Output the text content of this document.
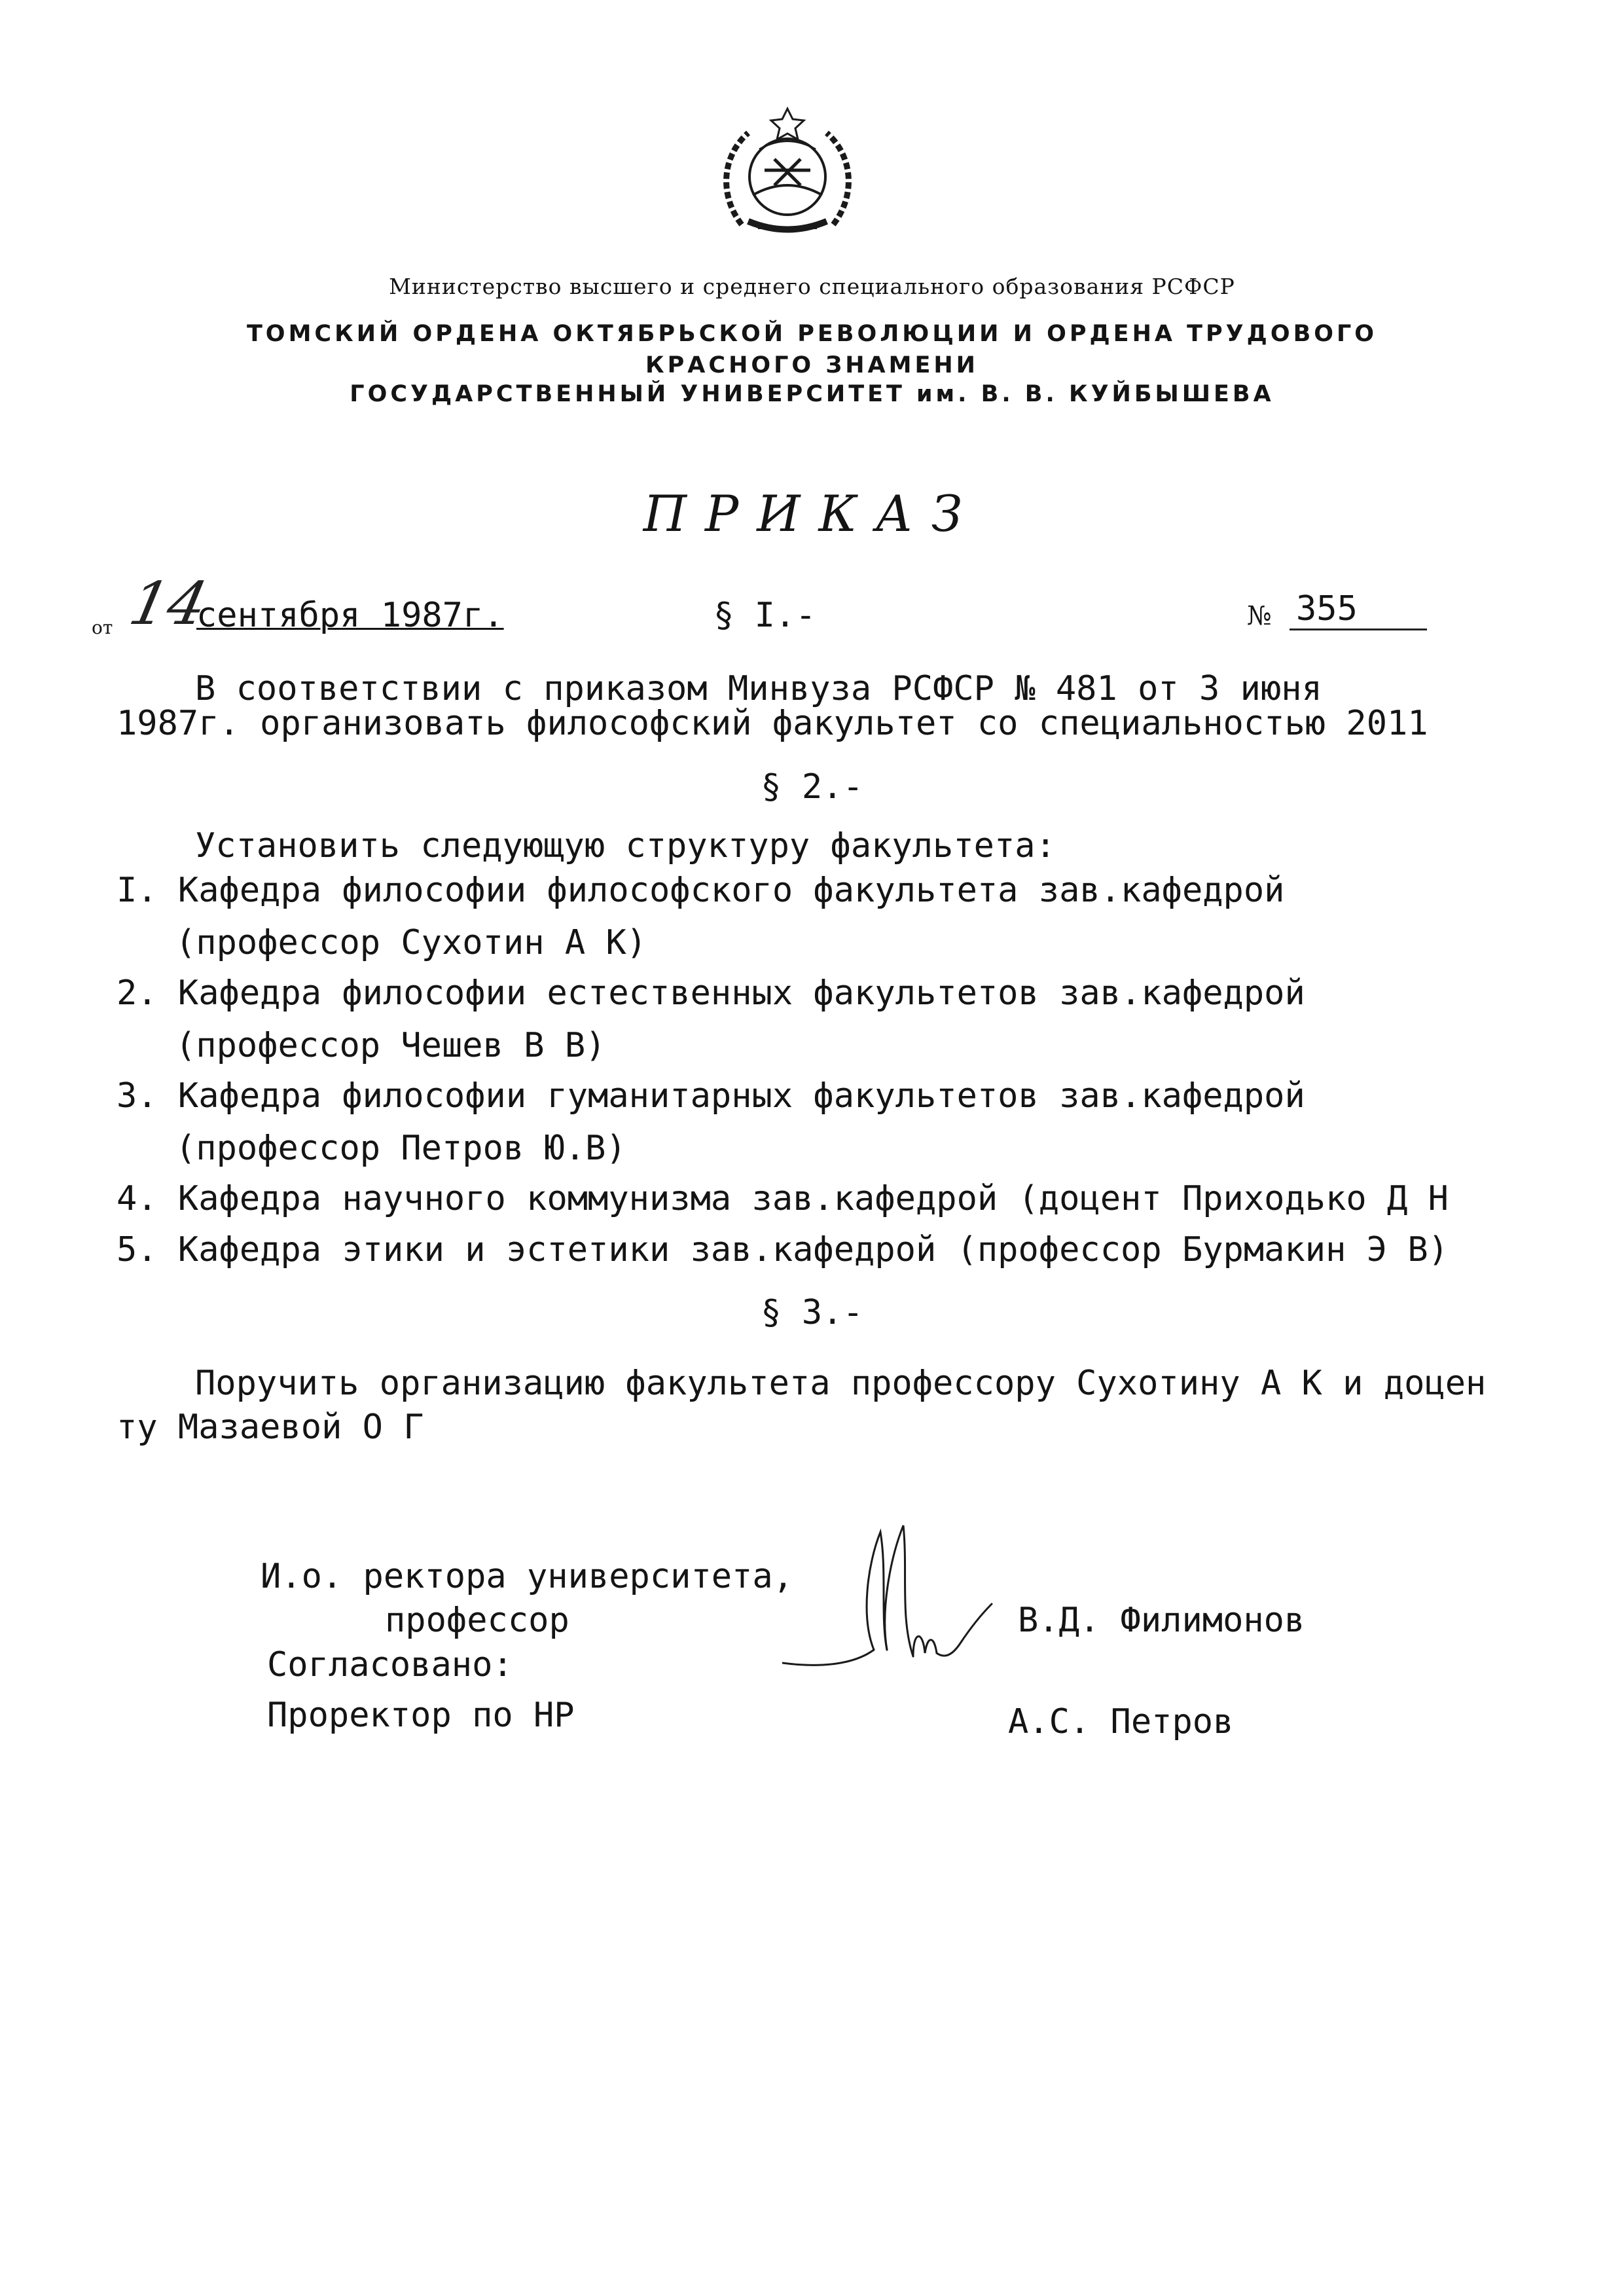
Министерство высшего и среднего специального образования РСФСР
ТОМСКИЙ ОРДЕНА ОКТЯБРЬСКОЙ РЕВОЛЮЦИИ И ОРДЕНА ТРУДОВОГО
КРАСНОГО ЗНАМЕНИ
ГОСУДАРСТВЕННЫЙ УНИВЕРСИТЕТ им. В. В. КУЙБЫШЕВА
ПРИКАЗ
от 14
сентября 1987г.	§ I.-	№ 355
В соответствии с приказом Минвуза РСФСР № 481 от 3 июня
1987г. организовать философский факультет со специальностью 2011
§ 2.-
Установить следующую структуру факультета:
I. Кафедра философии философского факультета зав.кафедрой
(профессор Сухотин А К)
2. Кафедра философии естественных факультетов зав.кафедрой
(профессор Чешев В В)
3. Кафедра философии гуманитарных факультетов зав.кафедрой
(профессор Петров Ю.В)
4. Кафедра научного коммунизма зав.кафедрой (доцент Приходько Д Н
5. Кафедра этики и эстетики зав.кафедрой (профессор Бурмакин Э В)
§ 3.-
Поручить организацию факультета профессору Сухотину А К и доцен
ту Мазаевой О Г
И.о. ректора университета,
профессор	В.Д. Филимонов
Согласовано:
Проректор по НР	А.С. Петров
